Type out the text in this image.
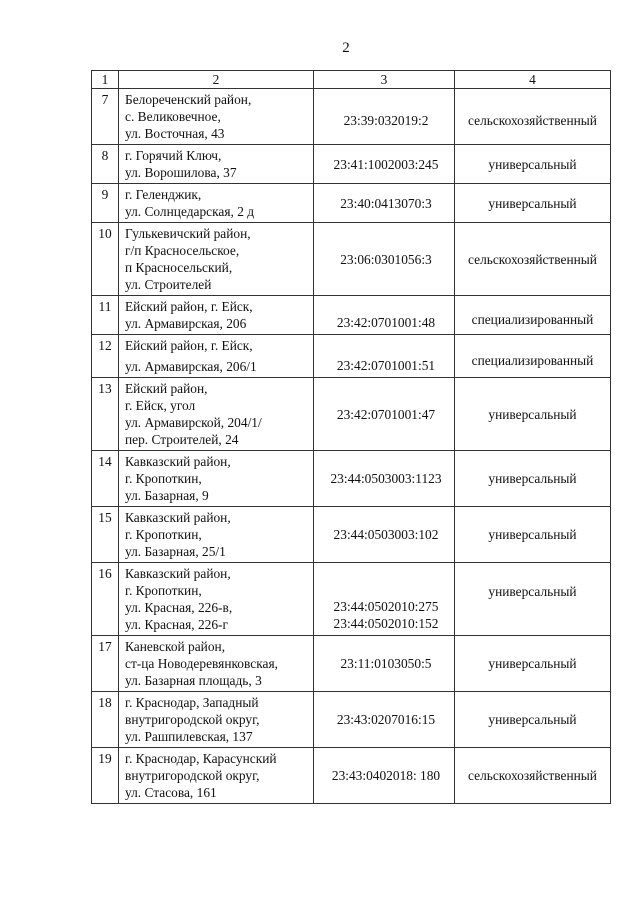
2
1	2	3	4
7	Белореченский район,
с. Великовечное,
ул. Восточная, 43	23:39:032019:2	сельскохозяйственный
8	г. Горячий Ключ,
ул. Ворошилова, 37	23:41:1002003:245	универсальный
9	г. Геленджик,
ул. Солнцедарская, 2 д	23:40:0413070:3	универсальный
10	Гулькевичский район,
г/п Красносельское,
п Красносельский,
ул. Строителей	23:06:0301056:3	сельскохозяйственный
11	Ейский район, г. Ейск,
ул. Армавирская, 206	23:42:0701001:48	специализированный
12	Ейский район, г. Ейск,
ул. Армавирская, 206/1	23:42:0701001:51	специализированный
13	Ейский район,
г. Ейск, угол
ул. Армавирской, 204/1/
пер. Строителей, 24	23:42:0701001:47	универсальный
14	Кавказский район,
г. Кропоткин,
ул. Базарная, 9	23:44:0503003:1123	универсальный
15	Кавказский район,
г. Кропоткин,
ул. Базарная, 25/1	23:44:0503003:102	универсальный
16	Кавказский район,
г. Кропоткин,
ул. Красная, 226-в,
ул. Красная, 226-г	23:44:0502010:275
23:44:0502010:152	универсальный
17	Каневской район,
ст-ца Новодеревянковская,
ул. Базарная площадь, 3	23:11:0103050:5	универсальный
18	г. Краснодар, Западный
внутригородской округ,
ул. Рашпилевская, 137	23:43:0207016:15	универсальный
19	г. Краснодар, Карасунский
внутригородской округ,
ул. Стасова, 161	23:43:0402018: 180	сельскохозяйственный
